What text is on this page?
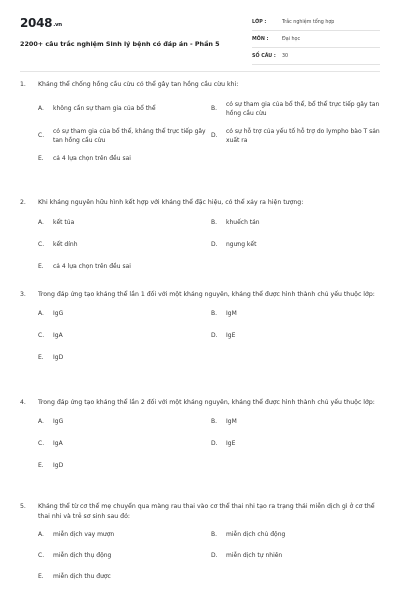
2048.vn
2200+ câu trắc nghiệm Sinh lý bệnh có đáp án - Phần 5
LỚP :	Trắc nghiệm tổng hợp
MÔN :	Đại học
SỐ CÂU :	30
1.	Kháng thể chống hồng cầu cừu có thể gây tan hồng cầu cừu khi:
A.	không cần sự tham gia của bổ thể	B.
có sự tham gia của bổ thể, bổ thể trực tiếp gây tan hồng cầu cừu
C.
có sự tham gia của bổ thể, kháng thể trực tiếp gây tan hồng cầu cừu
D.
có sự hỗ trợ của yếu tố hỗ trợ do lympho bào T sản xuất ra
E.	cả 4 lựa chọn trên đều sai
2.	Khi kháng nguyên hữu hình kết hợp với kháng thể đặc hiệu, có thể xảy ra hiện tượng:
A.	kết tủa	B.	khuếch tán
C.	kết dính	D.	ngưng kết
E.	cả 4 lựa chọn trên đều sai
3.	Trong đáp ứng tạo kháng thể lần 1 đối với một kháng nguyên, kháng thể được hình thành chủ yếu thuộc lớp:
A.	IgG	B.	IgM
C.	IgA	D.	IgE
E.	IgD
4.	Trong đáp ứng tạo kháng thể lần 2 đối với một kháng nguyên, kháng thể được hình thành chủ yếu thuộc lớp:
A.	IgG	B.	IgM
C.	IgA	D.	IgE
E.	IgD
5.	Kháng thể từ cơ thể mẹ chuyển qua màng rau thai vào cơ thể thai nhi tạo ra trạng thái miễn dịch gì ở cơ thể thai nhi và trẻ sơ sinh sau đó:
A.	miễn dịch vay mượn	B.	miễn dịch chủ động
C.	miễn dịch thụ động	D.	miễn dịch tự nhiên
E.	miễn dịch thu được
